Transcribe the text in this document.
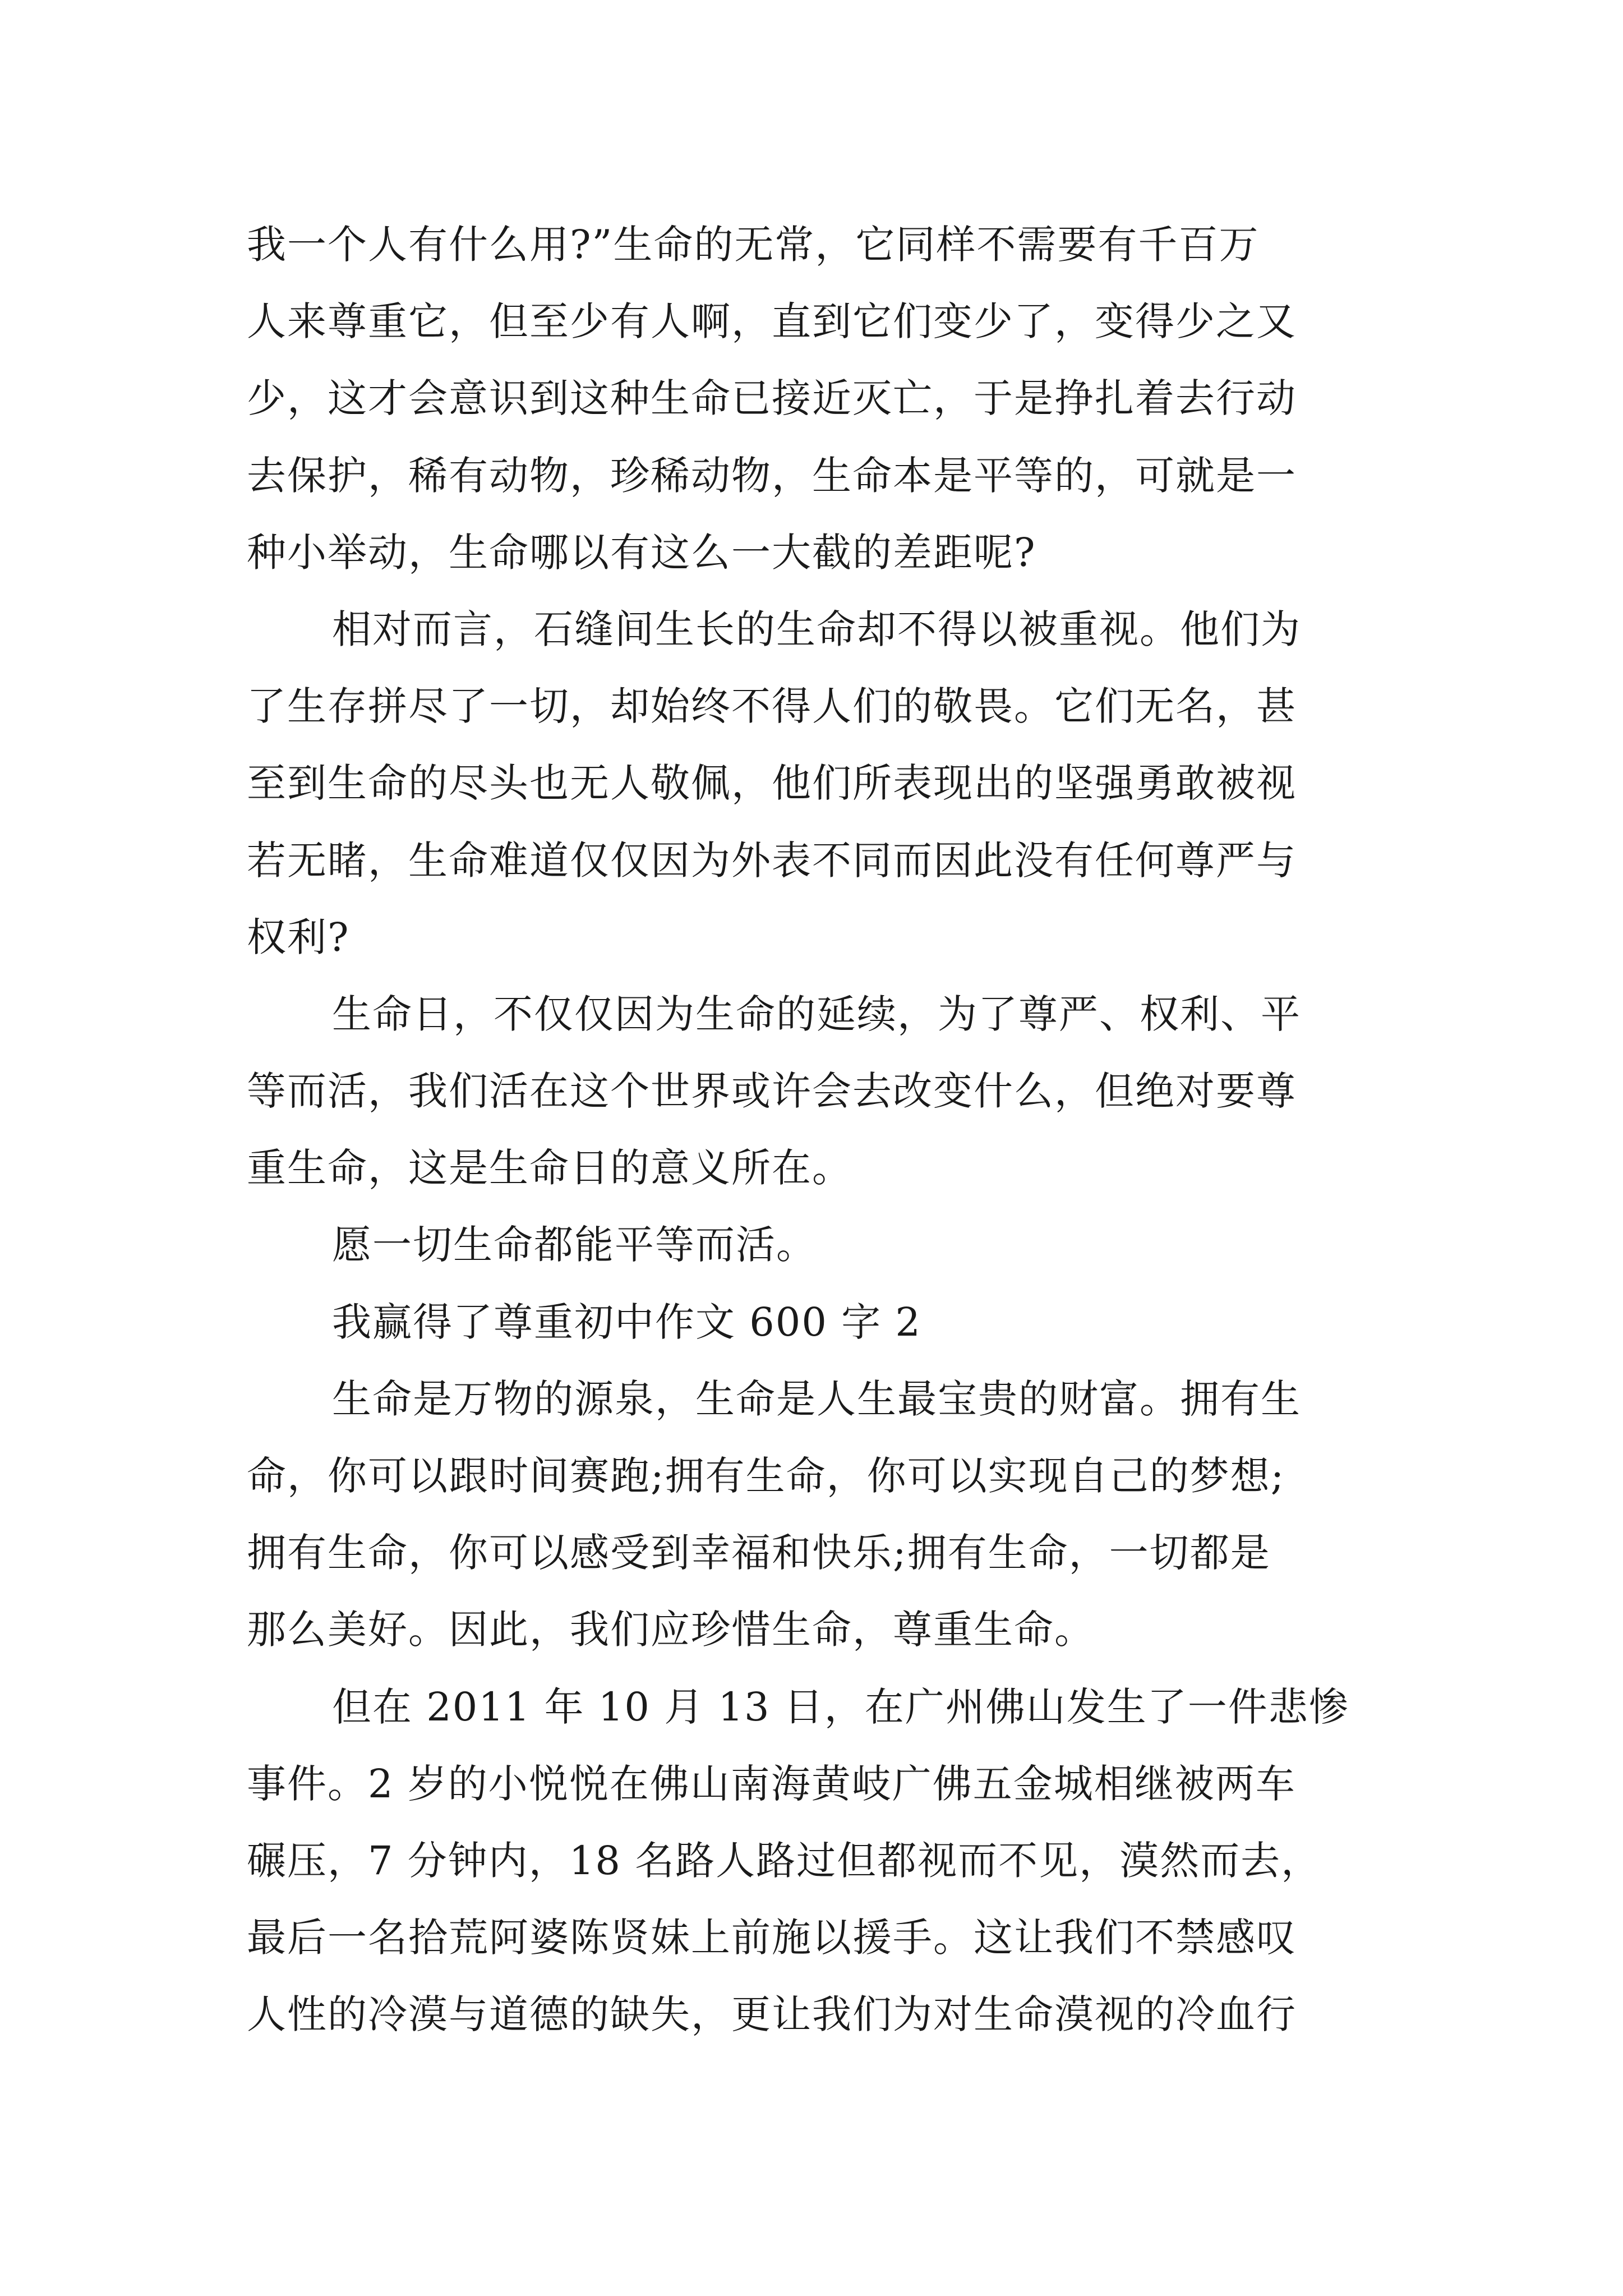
我一个人有什么用?”生命的无常，它同样不需要有千百万
人来尊重它，但至少有人啊，直到它们变少了，变得少之又
少，这才会意识到这种生命已接近灭亡，于是挣扎着去行动
去保护，稀有动物，珍稀动物，生命本是平等的，可就是一
种小举动，生命哪以有这么一大截的差距呢?
相对而言，石缝间生长的生命却不得以被重视。他们为
了生存拼尽了一切，却始终不得人们的敬畏。它们无名，甚
至到生命的尽头也无人敬佩，他们所表现出的坚强勇敢被视
若无睹，生命难道仅仅因为外表不同而因此没有任何尊严与
权利?
生命日，不仅仅因为生命的延续，为了尊严、权利、平
等而活，我们活在这个世界或许会去改变什么，但绝对要尊
重生命，这是生命日的意义所在。
愿一切生命都能平等而活。
我赢得了尊重初中作文 600 字 2
生命是万物的源泉，生命是人生最宝贵的财富。拥有生
命，你可以跟时间赛跑;拥有生命，你可以实现自己的梦想;
拥有生命，你可以感受到幸福和快乐;拥有生命，一切都是
那么美好。因此，我们应珍惜生命，尊重生命。
但在 2011 年 10 月 13 日，在广州佛山发生了一件悲惨
事件。2 岁的小悦悦在佛山南海黄岐广佛五金城相继被两车
碾压，7 分钟内，18 名路人路过但都视而不见，漠然而去，
最后一名拾荒阿婆陈贤妹上前施以援手。这让我们不禁感叹
人性的冷漠与道德的缺失，更让我们为对生命漠视的冷血行
